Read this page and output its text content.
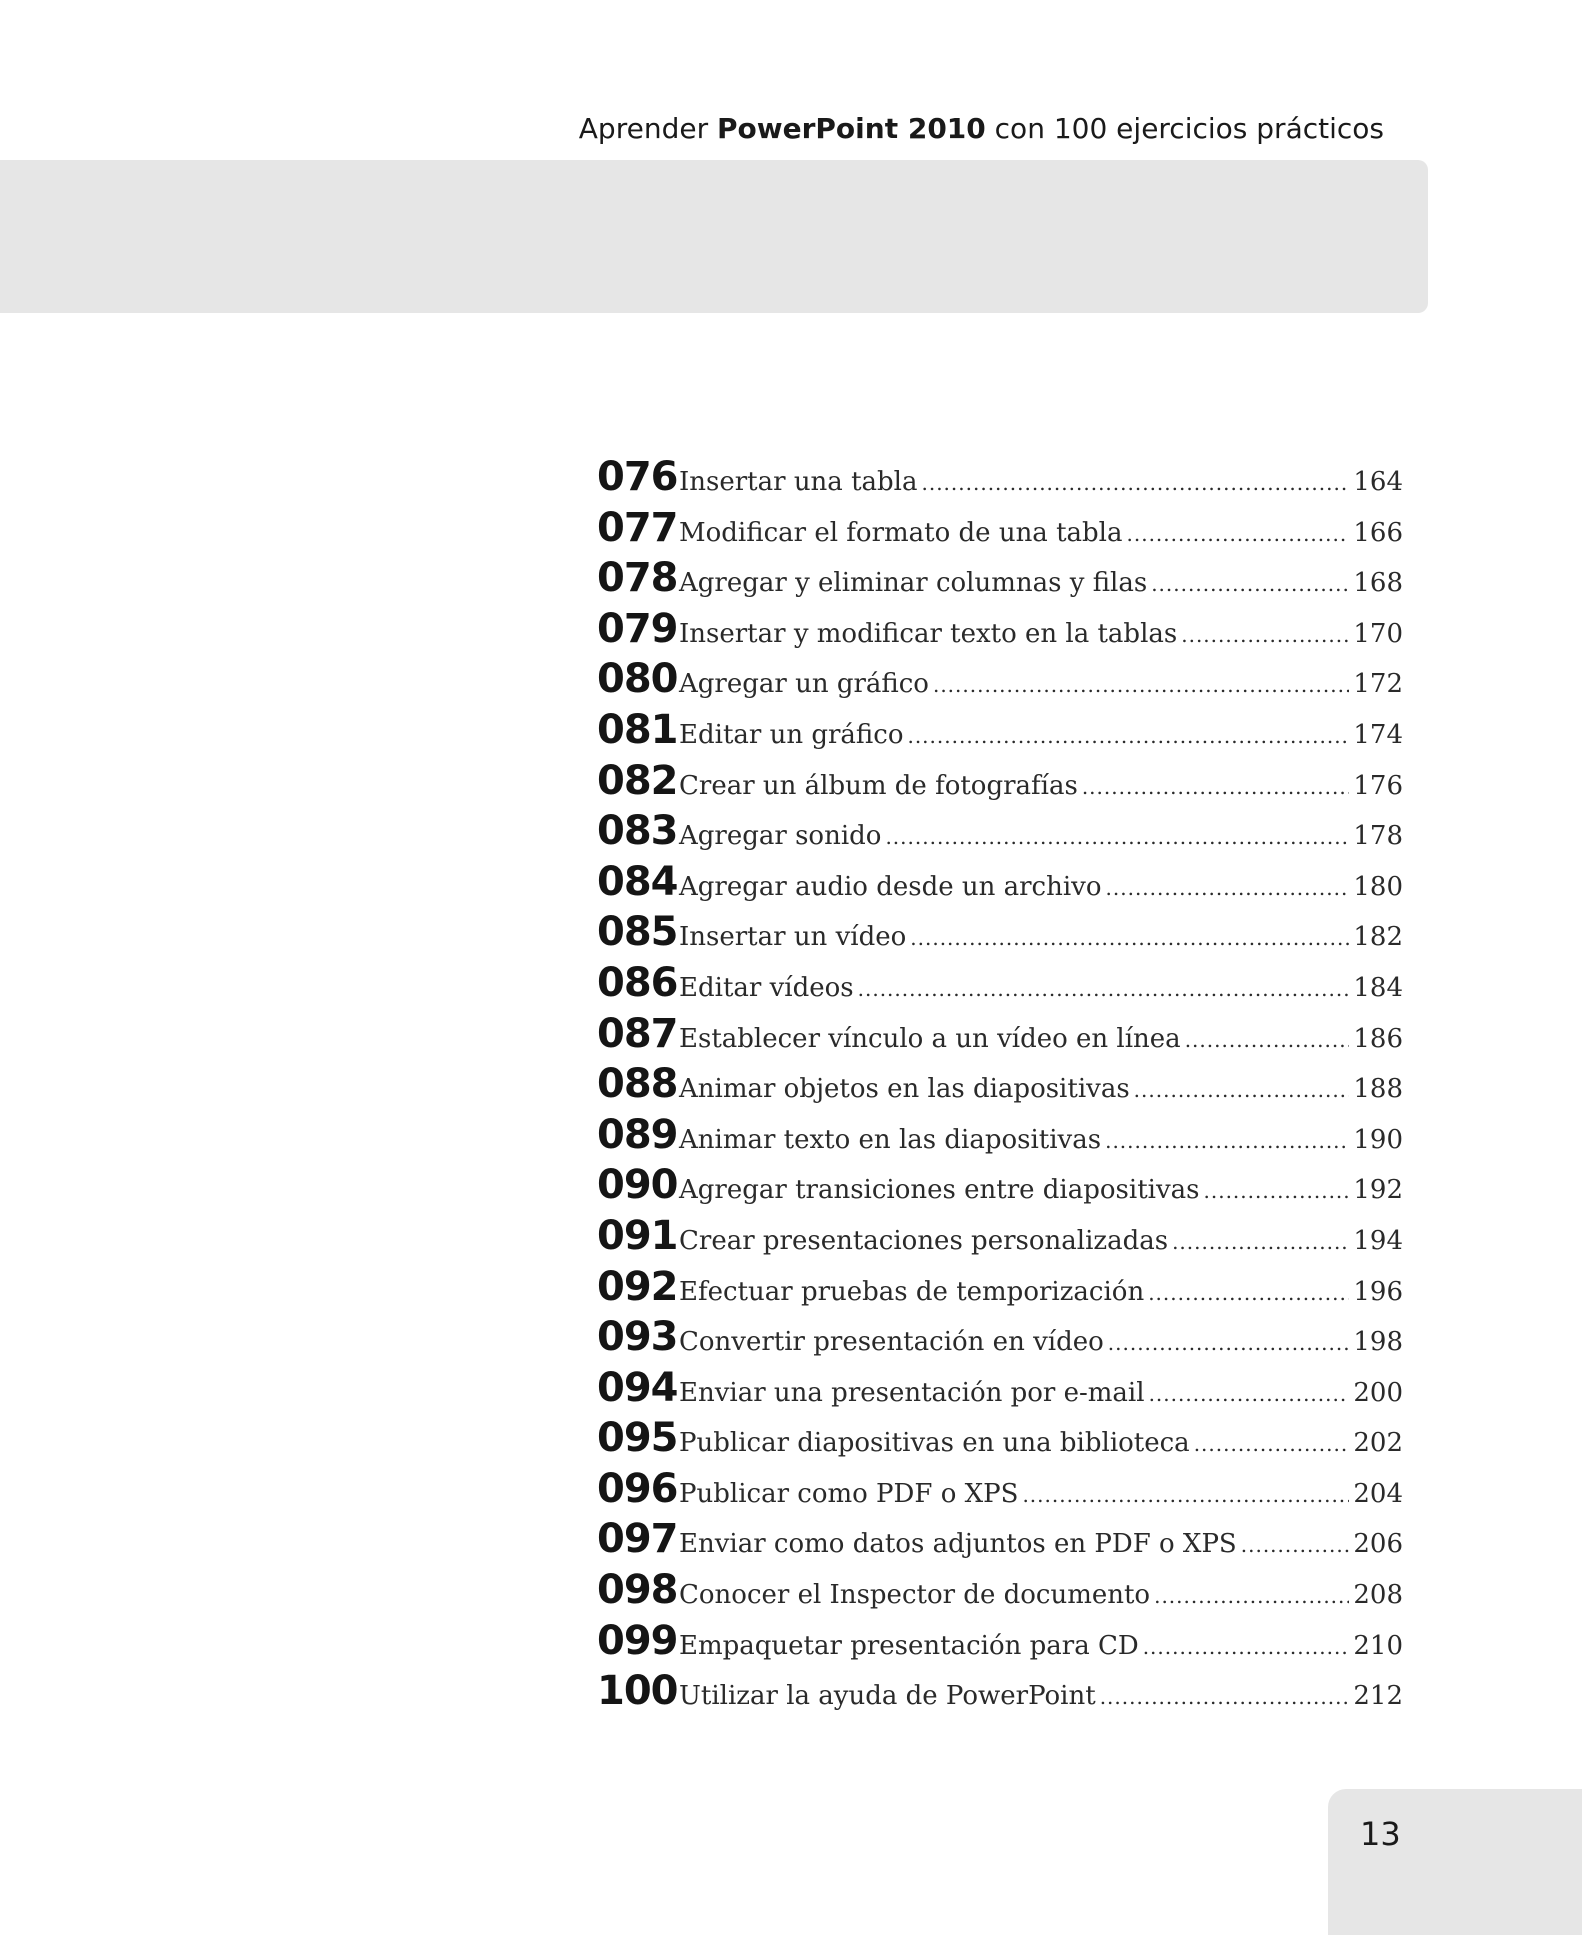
Aprender PowerPoint 2010 con 100 ejercicios prácticos
076 Insertar una tabla .....	164
077 Modificar el formato de una tabla .....	166
078 Agregar y eliminar columnas y filas .....	168
079 Insertar y modificar texto en la tablas .....	170
080 Agregar un gráfico .....	172
081 Editar un gráfico .....	174
082 Crear un álbum de fotografías .....	176
083 Agregar sonido .....	178
084 Agregar audio desde un archivo .....	180
085 Insertar un vídeo .....	182
086 Editar vídeos .....	184
087 Establecer vínculo a un vídeo en línea .....	186
088 Animar objetos en las diapositivas .....	188
089 Animar texto en las diapositivas .....	190
090 Agregar transiciones entre diapositivas .....	192
091 Crear presentaciones personalizadas .....	194
092 Efectuar pruebas de temporización .....	196
093 Convertir presentación en vídeo .....	198
094 Enviar una presentación por e-mail .....	200
095 Publicar diapositivas en una biblioteca .....	202
096 Publicar como PDF o XPS .....	204
097 Enviar como datos adjuntos en PDF o XPS .....	206
098 Conocer el Inspector de documento .....	208
099 Empaquetar presentación para CD .....	210
100 Utilizar la ayuda de PowerPoint .....	212
13
